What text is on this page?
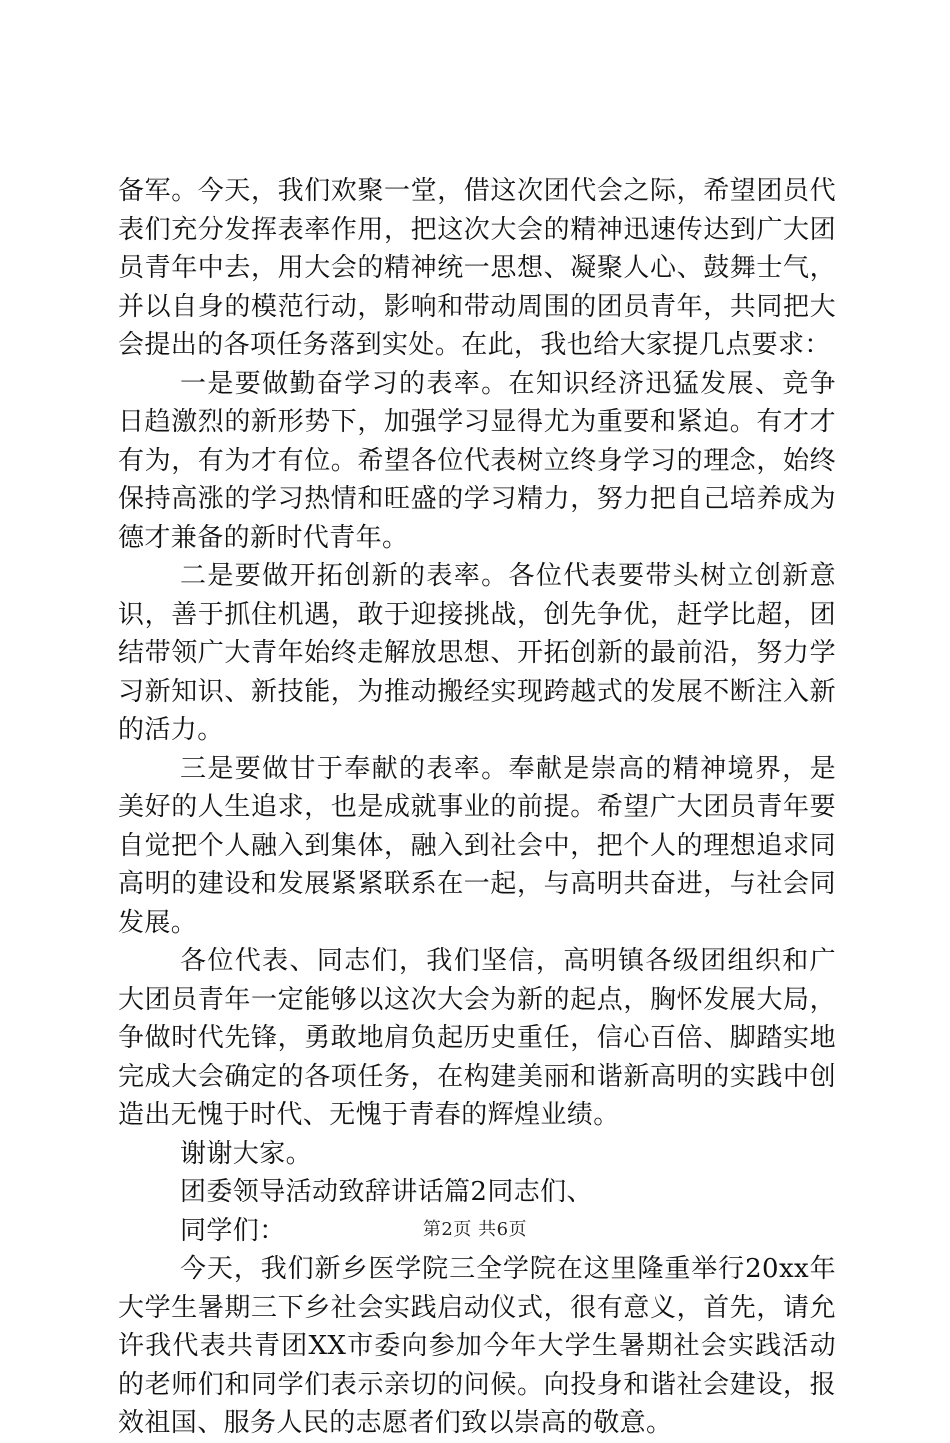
备军。今天，我们欢聚一堂，借这次团代会之际，希望团员代表们充分发挥表率作用，把这次大会的精神迅速传达到广大团员青年中去，用大会的精神统一思想、凝聚人心、鼓舞士气，并以自身的模范行动，影响和带动周围的团员青年，共同把大会提出的各项任务落到实处。在此，我也给大家提几点要求：

一是要做勤奋学习的表率。在知识经济迅猛发展、竞争日趋激烈的新形势下，加强学习显得尤为重要和紧迫。有才才有为，有为才有位。希望各位代表树立终身学习的理念，始终保持高涨的学习热情和旺盛的学习精力，努力把自己培养成为德才兼备的新时代青年。

二是要做开拓创新的表率。各位代表要带头树立创新意识，善于抓住机遇，敢于迎接挑战，创先争优，赶学比超，团结带领广大青年始终走解放思想、开拓创新的最前沿，努力学习新知识、新技能，为推动搬经实现跨越式的发展不断注入新的活力。

三是要做甘于奉献的表率。奉献是崇高的精神境界，是美好的人生追求，也是成就事业的前提。希望广大团员青年要自觉把个人融入到集体，融入到社会中，把个人的理想追求同高明的建设和发展紧紧联系在一起，与高明共奋进，与社会同发展。

各位代表、同志们，我们坚信，高明镇各级团组织和广大团员青年一定能够以这次大会为新的起点，胸怀发展大局，争做时代先锋，勇敢地肩负起历史重任，信心百倍、脚踏实地完成大会确定的各项任务，在构建美丽和谐新高明的实践中创造出无愧于时代、无愧于青春的辉煌业绩。

谢谢大家。

团委领导活动致辞讲话篇2同志们、

同学们：

今天，我们新乡医学院三全学院在这里隆重举行20xx年大学生暑期三下乡社会实践启动仪式，很有意义，首先，请允许我代表共青团XX市委向参加今年大学生暑期社会实践活动的老师们和同学们表示亲切的问候。向投身和谐社会建设，报效祖国、服务人民的志愿者们致以崇高的敬意。

第2页 共6页
